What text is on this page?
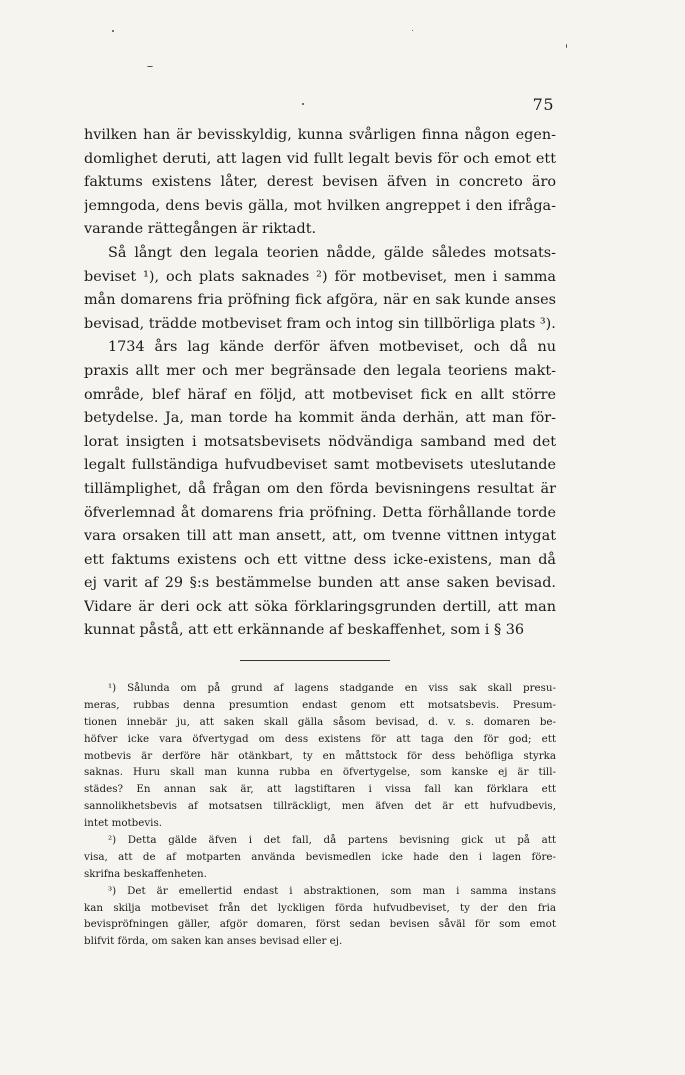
75
hvilken han är bevisskyldig, kunna svårligen finna någon egen-
domlighet deruti, att lagen vid fullt legalt bevis för och emot ett
faktums existens låter, derest bevisen äfven in concreto äro
jemngoda, dens bevis gälla, mot hvilken angreppet i den ifråga-
varande rättegången är riktadt.
Så långt den legala teorien nådde, gälde således motsats-
beviset ¹), och plats saknades ²) för motbeviset, men i samma
mån domarens fria pröfning fick afgöra, när en sak kunde anses
bevisad, trädde motbeviset fram och intog sin tillbörliga plats ³).
1734 års lag kände derför äfven motbeviset, och då nu
praxis allt mer och mer begränsade den legala teoriens makt-
område, blef häraf en följd, att motbeviset fick en allt större
betydelse. Ja, man torde ha kommit ända derhän, att man för-
lorat insigten i motsatsbevisets nödvändiga samband med det
legalt fullständiga hufvudbeviset samt motbevisets uteslutande
tillämplighet, då frågan om den förda bevisningens resultat är
öfverlemnad åt domarens fria pröfning. Detta förhållande torde
vara orsaken till att man ansett, att, om tvenne vittnen intygat
ett faktums existens och ett vittne dess icke-existens, man då
ej varit af 29 §:s bestämmelse bunden att anse saken bevisad.
Vidare är deri ock att söka förklaringsgrunden dertill, att man
kunnat påstå, att ett erkännande af beskaffenhet, som i § 36
¹) Sålunda om på grund af lagens stadgande en viss sak skall presu-
meras, rubbas denna presumtion endast genom ett motsatsbevis. Presum-
tionen innebär ju, att saken skall gälla såsom bevisad, d. v. s. domaren be-
höfver icke vara öfvertygad om dess existens för att taga den för god; ett
motbevis är derföre här otänkbart, ty en måttstock för dess behöfliga styrka
saknas. Huru skall man kunna rubba en öfvertygelse, som kanske ej är till-
städes? En annan sak är, att lagstiftaren i vissa fall kan förklara ett
sannolikhetsbevis af motsatsen tillräckligt, men äfven det är ett hufvudbevis,
intet motbevis.
²) Detta gälde äfven i det fall, då partens bevisning gick ut på att
visa, att de af motparten använda bevismedlen icke hade den i lagen före-
skrifna beskaffenheten.
³) Det är emellertid endast i abstraktionen, som man i samma instans
kan skilja motbeviset från det lyckligen förda hufvudbeviset, ty der den fria
bevispröfningen gäller, afgör domaren, först sedan bevisen såväl för som emot
blifvit förda, om saken kan anses bevisad eller ej.
